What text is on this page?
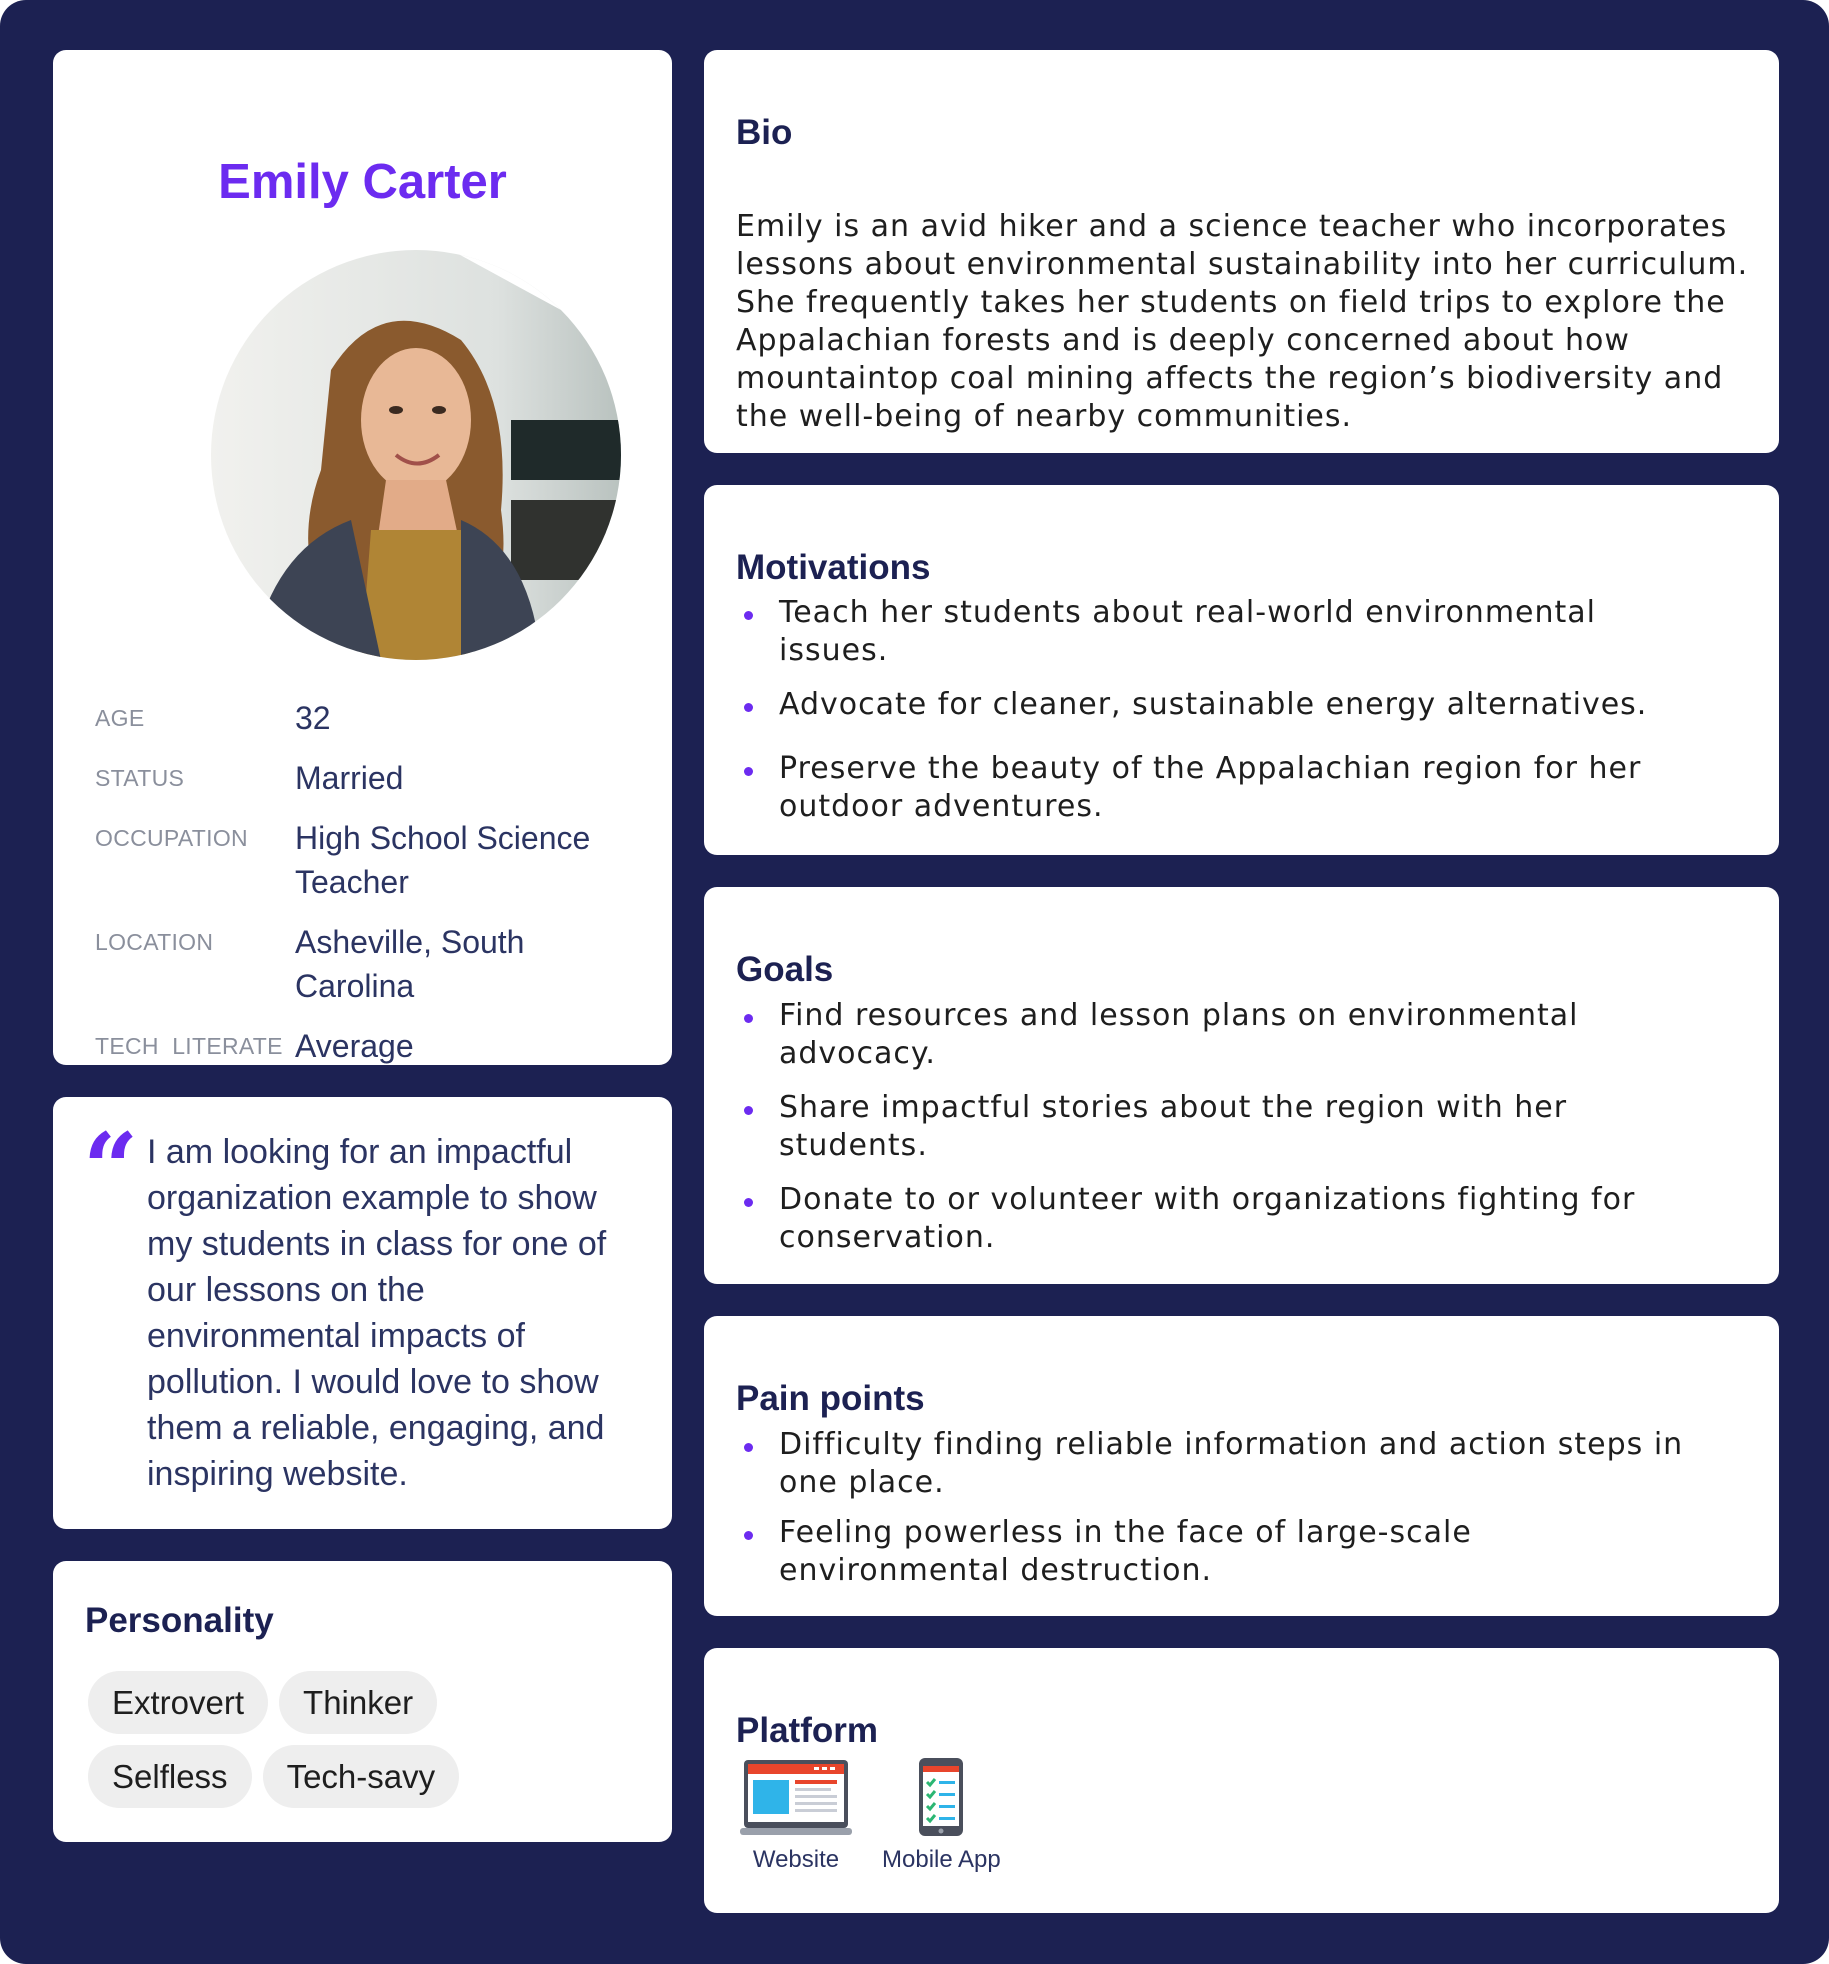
Emily Carter
AGE	32
STATUS	Married
OCCUPATION	High School Science Teacher
LOCATION	Asheville, South Carolina
TECH  LITERATE Average
“ I am looking for an impactful organization example to show my students in class for one of our lessons on the environmental impacts of pollution. I would love to show them a reliable, engaging, and inspiring website.
Personality
Extrovert Thinker
Selfless Tech-savy
Bio
Emily is an avid hiker and a science teacher who incorporates lessons about environmental sustainability into her curriculum. She frequently takes her students on field trips to explore the Appalachian forests and is deeply concerned about how mountaintop coal mining affects the region’s biodiversity and the well-being of nearby communities.
Motivations
Teach her students about real-world environmental issues.
Advocate for cleaner, sustainable energy alternatives.
Preserve the beauty of the Appalachian region for her outdoor adventures.
Goals
Find resources and lesson plans on environmental advocacy.
Share impactful stories about the region with her students.
Donate to or volunteer with organizations fighting for conservation.
Pain points
Difficulty finding reliable information and action steps in one place.
Feeling powerless in the face of large-scale environmental destruction.
Platform
Website Mobile App
